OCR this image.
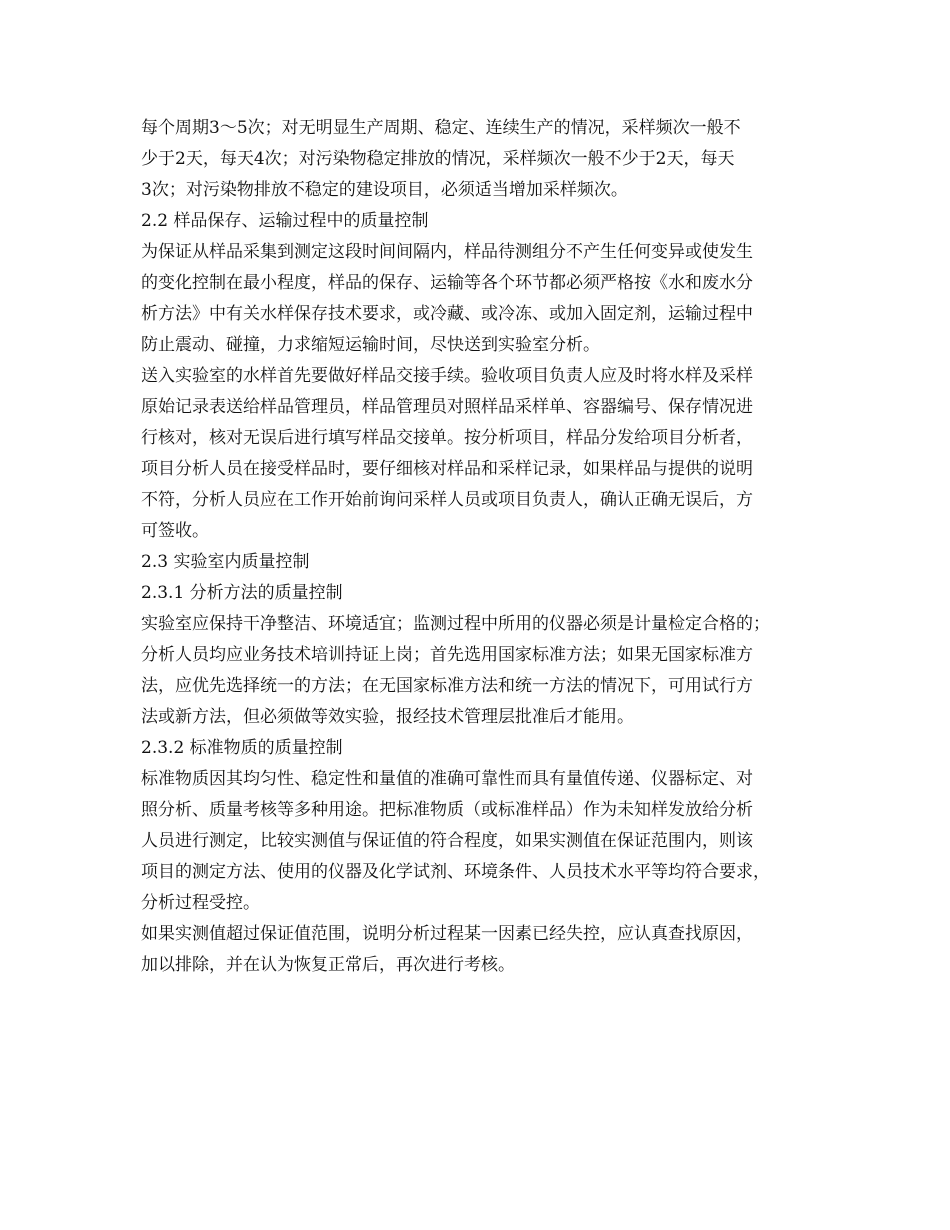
每个周期3～5次；对无明显生产周期、稳定、连续生产的情况，采样频次一般不
少于2天，每天4次；对污染物稳定排放的情况，采样频次一般不少于2天，每天
3次；对污染物排放不稳定的建设项目，必须适当增加采样频次。
2.2 样品保存、运输过程中的质量控制
为保证从样品采集到测定这段时间间隔内，样品待测组分不产生任何变异或使发生
的变化控制在最小程度，样品的保存、运输等各个环节都必须严格按《水和废水分
析方法》中有关水样保存技术要求，或冷藏、或冷冻、或加入固定剂，运输过程中
防止震动、碰撞，力求缩短运输时间，尽快送到实验室分析。
送入实验室的水样首先要做好样品交接手续。验收项目负责人应及时将水样及采样
原始记录表送给样品管理员，样品管理员对照样品采样单、容器编号、保存情况进
行核对，核对无误后进行填写样品交接单。按分析项目，样品分发给项目分析者，
项目分析人员在接受样品时，要仔细核对样品和采样记录，如果样品与提供的说明
不符，分析人员应在工作开始前询问采样人员或项目负责人，确认正确无误后，方
可签收。
2.3 实验室内质量控制
2.3.1 分析方法的质量控制
实验室应保持干净整洁、环境适宜；监测过程中所用的仪器必须是计量检定合格的；
分析人员均应业务技术培训持证上岗；首先选用国家标准方法；如果无国家标准方
法，应优先选择统一的方法；在无国家标准方法和统一方法的情况下，可用试行方
法或新方法，但必须做等效实验，报经技术管理层批准后才能用。
2.3.2 标准物质的质量控制
标准物质因其均匀性、稳定性和量值的准确可靠性而具有量值传递、仪器标定、对
照分析、质量考核等多种用途。把标准物质（或标准样品）作为未知样发放给分析
人员进行测定，比较实测值与保证值的符合程度，如果实测值在保证范围内，则该
项目的测定方法、使用的仪器及化学试剂、环境条件、人员技术水平等均符合要求，
分析过程受控。
如果实测值超过保证值范围，说明分析过程某一因素已经失控，应认真查找原因，
加以排除，并在认为恢复正常后，再次进行考核。
